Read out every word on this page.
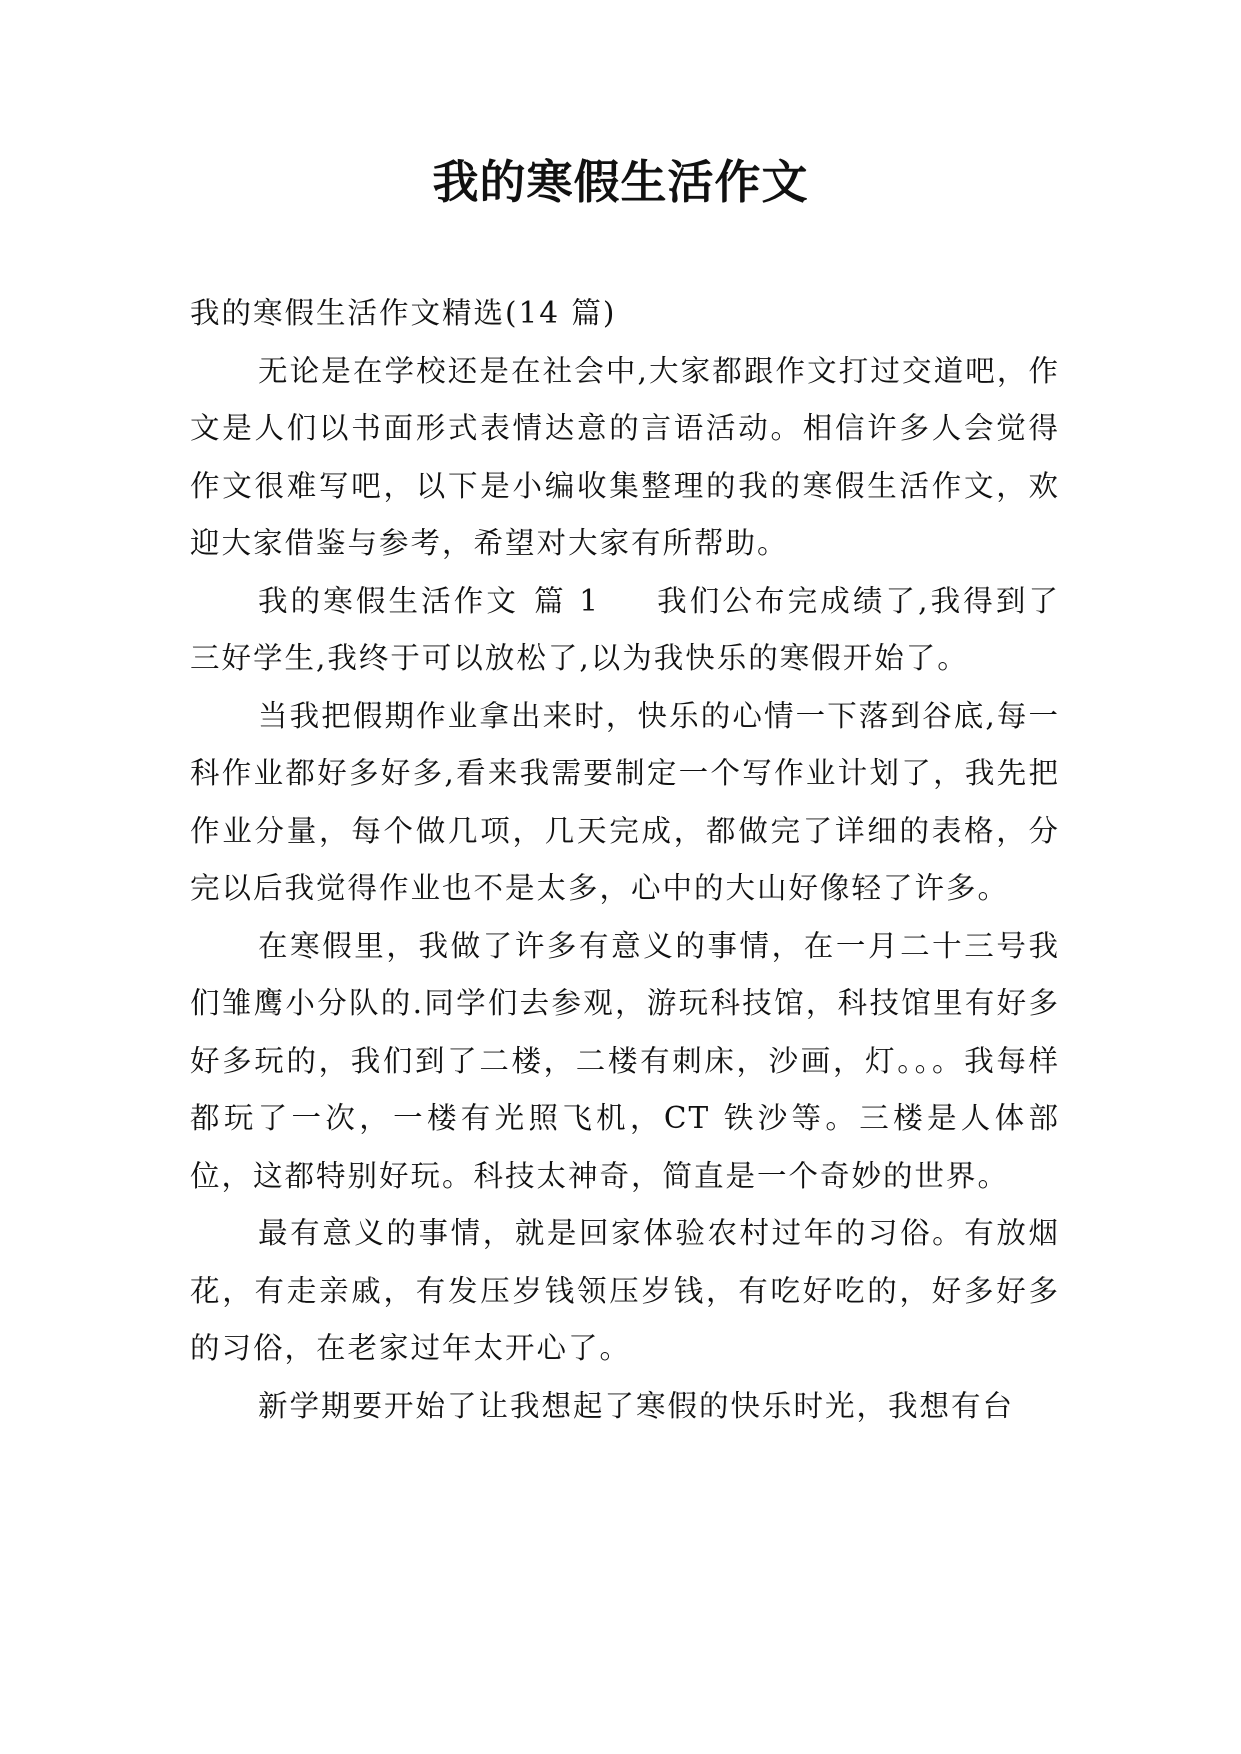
我的寒假生活作文

我的寒假生活作文精选(14 篇)

无论是在学校还是在社会中,大家都跟作文打过交道吧，作文是人们以书面形式表情达意的言语活动。相信许多人会觉得作文很难写吧，以下是小编收集整理的我的寒假生活作文，欢迎大家借鉴与参考，希望对大家有所帮助。

我的寒假生活作文 篇 1 我们公布完成绩了,我得到了三好学生,我终于可以放松了,以为我快乐的寒假开始了。

当我把假期作业拿出来时，快乐的心情一下落到谷底,每一科作业都好多好多,看来我需要制定一个写作业计划了，我先把作业分量，每个做几项，几天完成，都做完了详细的表格，分完以后我觉得作业也不是太多，心中的大山好像轻了许多。

在寒假里，我做了许多有意义的事情，在一月二十三号我们雏鹰小分队的.同学们去参观，游玩科技馆，科技馆里有好多好多玩的，我们到了二楼，二楼有刺床，沙画，灯。。。我每样都玩了一次，一楼有光照飞机，CT 铁沙等。三楼是人体部位，这都特别好玩。科技太神奇，简直是一个奇妙的世界。

最有意义的事情，就是回家体验农村过年的习俗。有放烟花，有走亲戚，有发压岁钱领压岁钱，有吃好吃的，好多好多的习俗，在老家过年太开心了。

新学期要开始了让我想起了寒假的快乐时光，我想有台
